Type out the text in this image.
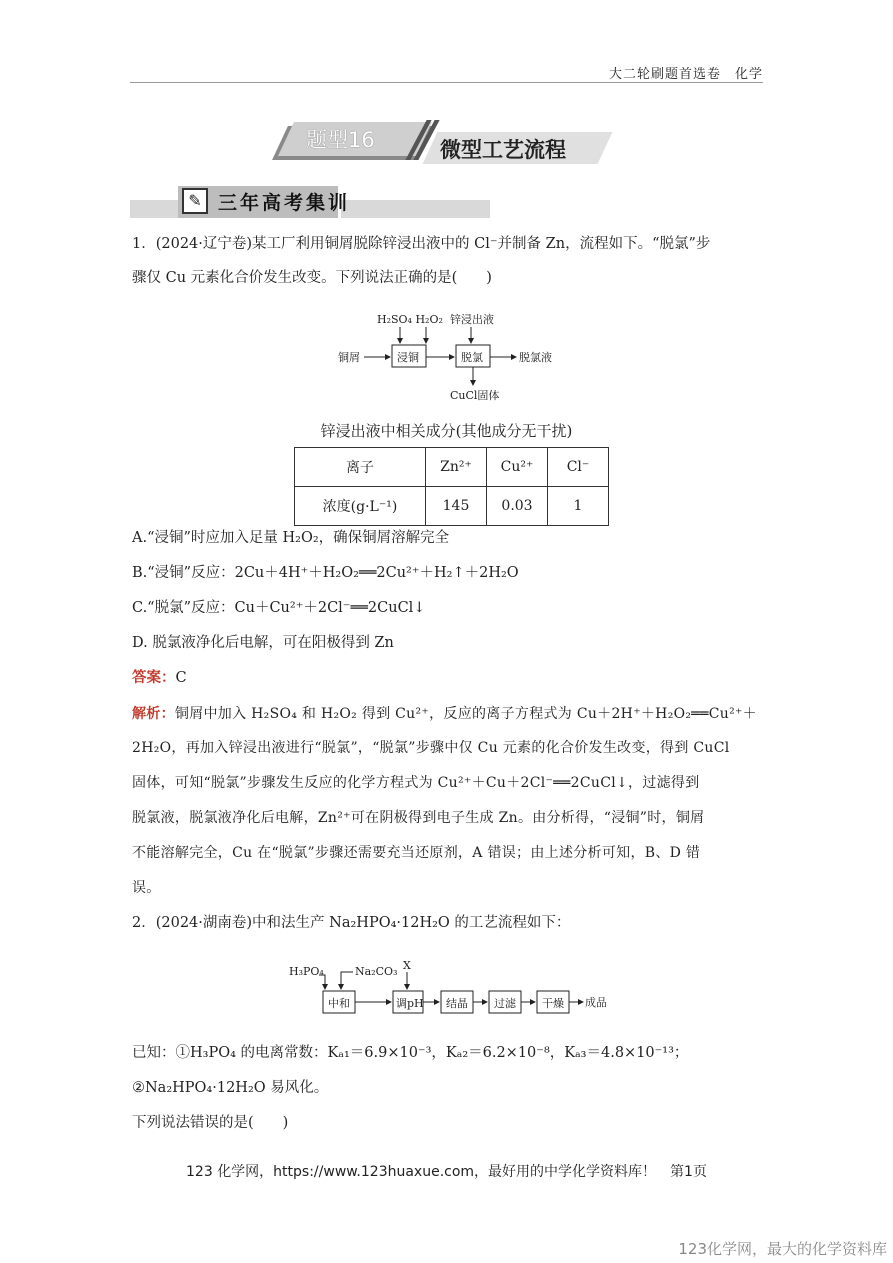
大二轮刷题首选卷　化学
题型16	微型工艺流程
✎ 三年高考集训
1．(2024·辽宁卷)某工厂利用铜屑脱除锌浸出液中的 Cl⁻并制备 Zn，流程如下。“脱氯”步
骤仅 Cu 元素化合价发生改变。下列说法正确的是(　　)
H₂SO₄ H₂O₂ 锌浸出液
铜屑	浸铜	脱氯	脱氯液
CuCl固体
锌浸出液中相关成分(其他成分无干扰)
离子	Zn²⁺	Cu²⁺	Cl⁻
浓度(g·L⁻¹)	145	0.03	1
A.“浸铜”时应加入足量 H₂O₂，确保铜屑溶解完全
B.“浸铜”反应：2Cu＋4H⁺＋H₂O₂══2Cu²⁺＋H₂↑＋2H₂O
C.“脱氯”反应：Cu＋Cu²⁺＋2Cl⁻══2CuCl↓
D. 脱氯液净化后电解，可在阳极得到 Zn
答案：C
解析：铜屑中加入 H₂SO₄ 和 H₂O₂ 得到 Cu²⁺，反应的离子方程式为 Cu＋2H⁺＋H₂O₂══Cu²⁺＋
2H₂O，再加入锌浸出液进行“脱氯”，“脱氯”步骤中仅 Cu 元素的化合价发生改变，得到 CuCl
固体，可知“脱氯”步骤发生反应的化学方程式为 Cu²⁺＋Cu＋2Cl⁻══2CuCl↓，过滤得到
脱氯液，脱氯液净化后电解，Zn²⁺可在阴极得到电子生成 Zn。由分析得，“浸铜”时，铜屑
不能溶解完全，Cu 在“脱氯”步骤还需要充当还原剂，A 错误；由上述分析可知，B、D 错
误。
2．(2024·湖南卷)中和法生产 Na₂HPO₄·12H₂O 的工艺流程如下：
H₃PO₄	Na₂CO₃ X
中和	调pH 结晶 过滤 干燥 成品
已知：①H₃PO₄ 的电离常数：Kₐ₁＝6.9×10⁻³，Kₐ₂＝6.2×10⁻⁸，Kₐ₃＝4.8×10⁻¹³；
②Na₂HPO₄·12H₂O 易风化。
下列说法错误的是(　　)
123 化学网，https://www.123huaxue.com，最好用的中学化学资料库！　第1页
123化学网，最大的化学资料库
